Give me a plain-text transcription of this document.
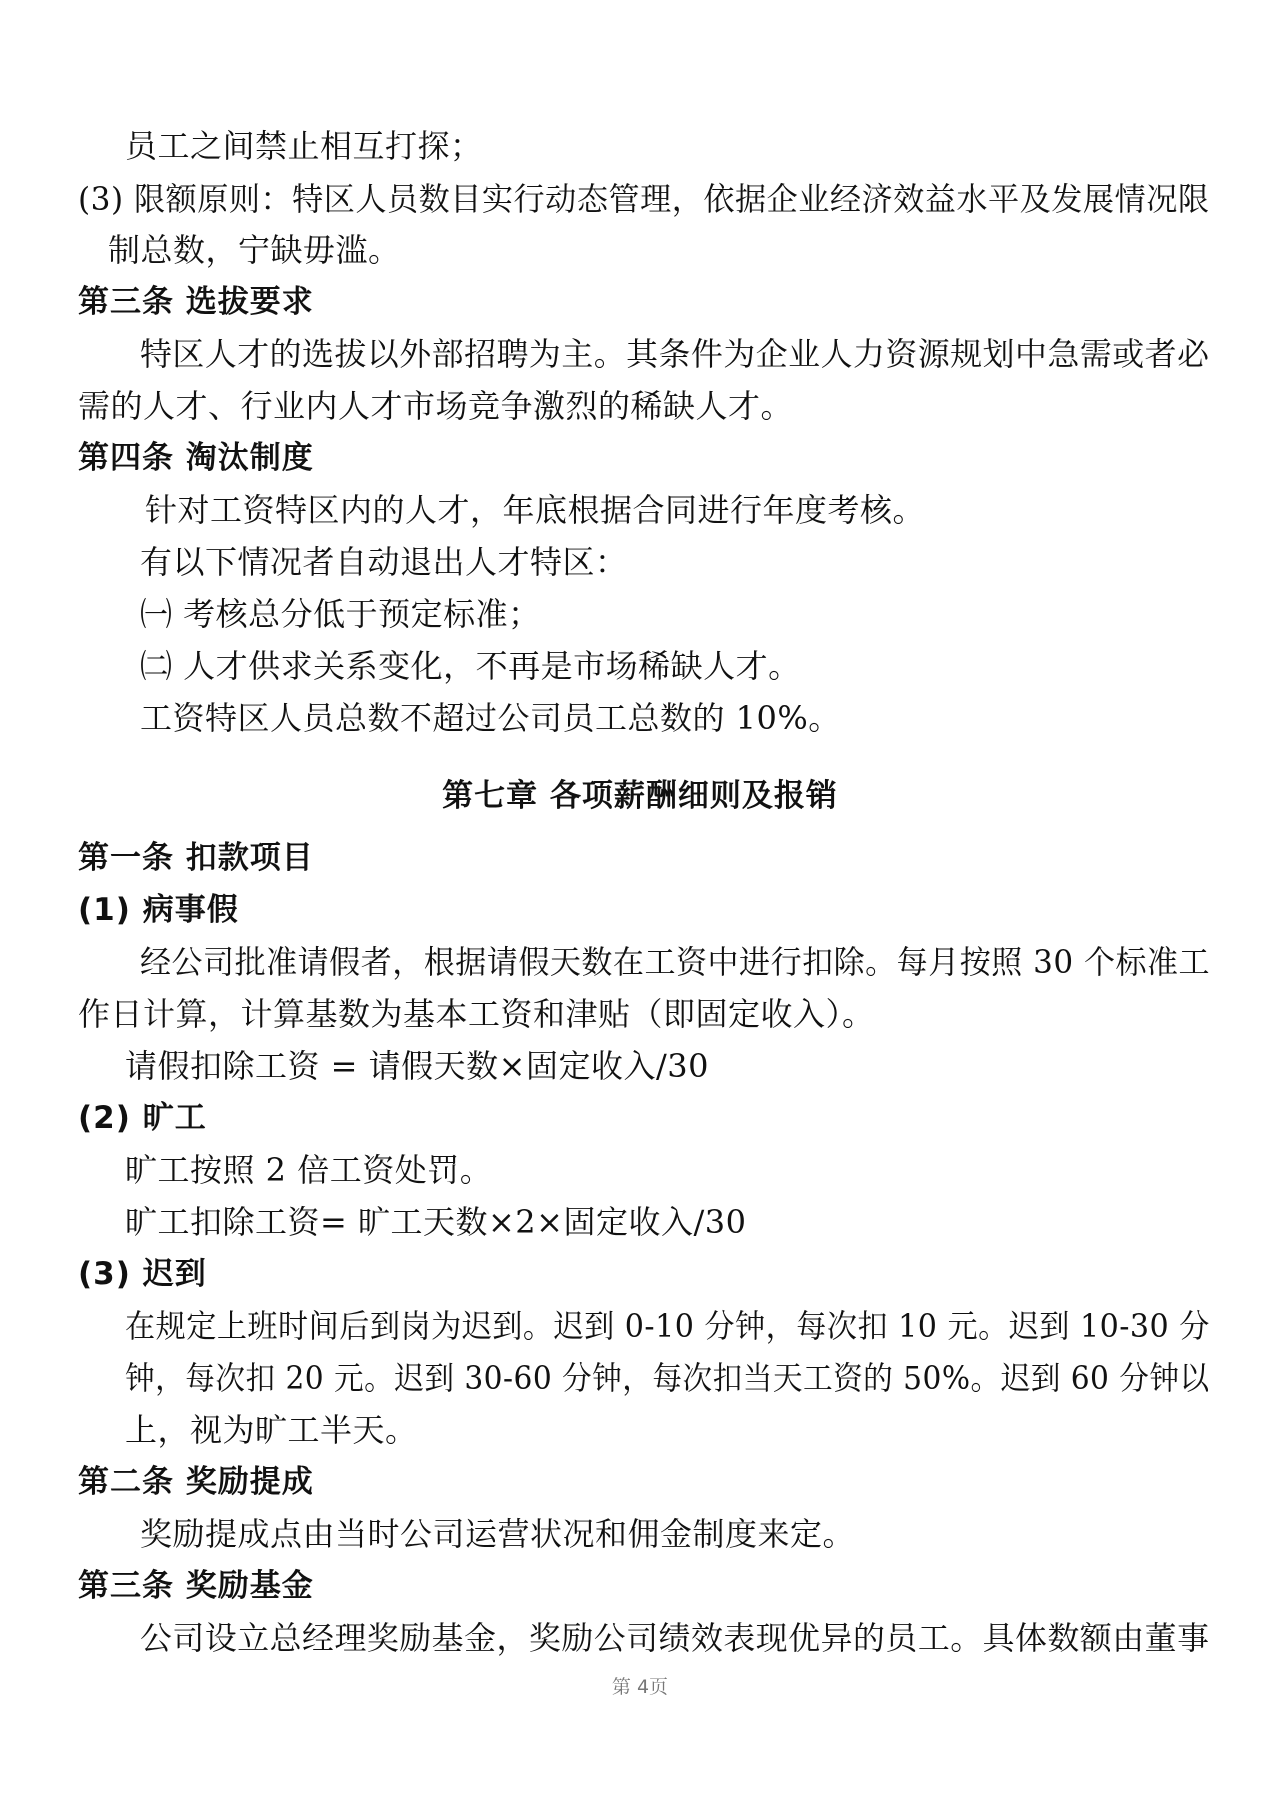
员工之间禁止相互打探；
(3) 限额原则：特区人员数目实行动态管理，依据企业经济效益水平及发展情况限
制总数，宁缺毋滥。
第三条 选拔要求
特区人才的选拔以外部招聘为主。其条件为企业人力资源规划中急需或者必
需的人才、行业内人才市场竞争激烈的稀缺人才。
第四条 淘汰制度
针对工资特区内的人才，年底根据合同进行年度考核。
有以下情况者自动退出人才特区：
㈠ 考核总分低于预定标准；
㈡ 人才供求关系变化，不再是市场稀缺人才。
工资特区人员总数不超过公司员工总数的 10%。
第七章 各项薪酬细则及报销
第一条 扣款项目
(1) 病事假
经公司批准请假者，根据请假天数在工资中进行扣除。每月按照 30 个标准工
作日计算，计算基数为基本工资和津贴（即固定收入）。
请假扣除工资 = 请假天数×固定收入/30
(2) 旷工
旷工按照 2 倍工资处罚。
旷工扣除工资= 旷工天数×2×固定收入/30
(3) 迟到
在规定上班时间后到岗为迟到。迟到 0-10 分钟，每次扣 10 元。迟到 10-30 分
钟，每次扣 20 元。迟到 30-60 分钟，每次扣当天工资的 50%。迟到 60 分钟以
上，视为旷工半天。
第二条 奖励提成
奖励提成点由当时公司运营状况和佣金制度来定。
第三条 奖励基金
公司设立总经理奖励基金，奖励公司绩效表现优异的员工。具体数额由董事
第 4页
